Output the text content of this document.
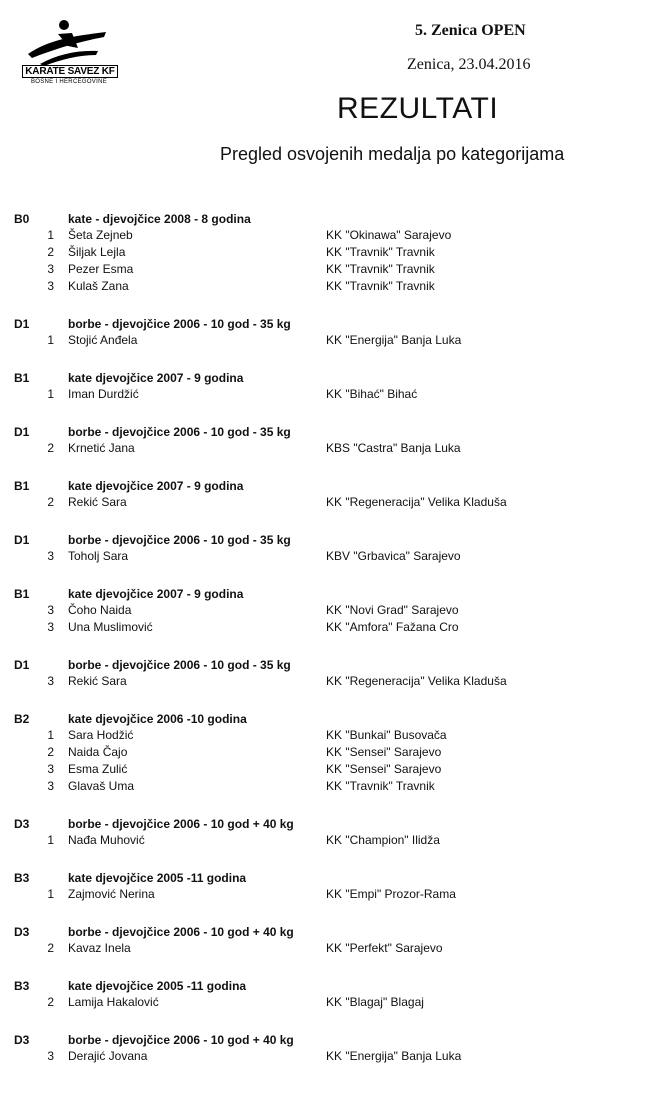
KARATE SAVEZ KF
BOSNE I HERCEGOVINE
5. Zenica OPEN
Zenica, 23.04.2016
REZULTATI
Pregled osvojenih medalja po kategorijama
B0	kate - djevojčice 2008 - 8 godina
1 Šeta Zejneb	KK "Okinawa" Sarajevo
2 Šiljak Lejla	KK "Travnik" Travnik
3 Pezer Esma	KK "Travnik" Travnik
3 Kulaš Zana	KK "Travnik" Travnik
D1	borbe - djevojčice 2006 - 10 god - 35 kg
1 Stojić Anđela	KK "Energija" Banja Luka
B1	kate djevojčice 2007 - 9 godina
1 Iman Durdžić	KK "Bihać" Bihać
D1	borbe - djevojčice 2006 - 10 god - 35 kg
2 Krnetić Jana	KBS "Castra" Banja Luka
B1	kate djevojčice 2007 - 9 godina
2 Rekić Sara	KK "Regeneracija" Velika Kladuša
D1	borbe - djevojčice 2006 - 10 god - 35 kg
3 Toholj Sara	KBV "Grbavica" Sarajevo
B1	kate djevojčice 2007 - 9 godina
3 Čoho Naida	KK "Novi Grad" Sarajevo
3 Una Muslimović	KK "Amfora" Fažana Cro
D1	borbe - djevojčice 2006 - 10 god - 35 kg
3 Rekić Sara	KK "Regeneracija" Velika Kladuša
B2	kate djevojčice 2006 -10 godina
1 Sara Hodžić	KK "Bunkai" Busovača
2 Naida Čajo	KK "Sensei" Sarajevo
3 Esma Zulić	KK "Sensei" Sarajevo
3 Glavaš Uma	KK "Travnik" Travnik
D3	borbe - djevojčice 2006 - 10 god + 40 kg
1 Nađa Muhović	KK "Champion" Ilidža
B3	kate djevojčice 2005 -11 godina
1 Zajmović Nerina	KK "Empi" Prozor-Rama
D3	borbe - djevojčice 2006 - 10 god + 40 kg
2 Kavaz Inela	KK "Perfekt" Sarajevo
B3	kate djevojčice 2005 -11 godina
2 Lamija Hakalović	KK "Blagaj" Blagaj
D3	borbe - djevojčice 2006 - 10 god + 40 kg
3 Derajić Jovana	KK "Energija" Banja Luka
